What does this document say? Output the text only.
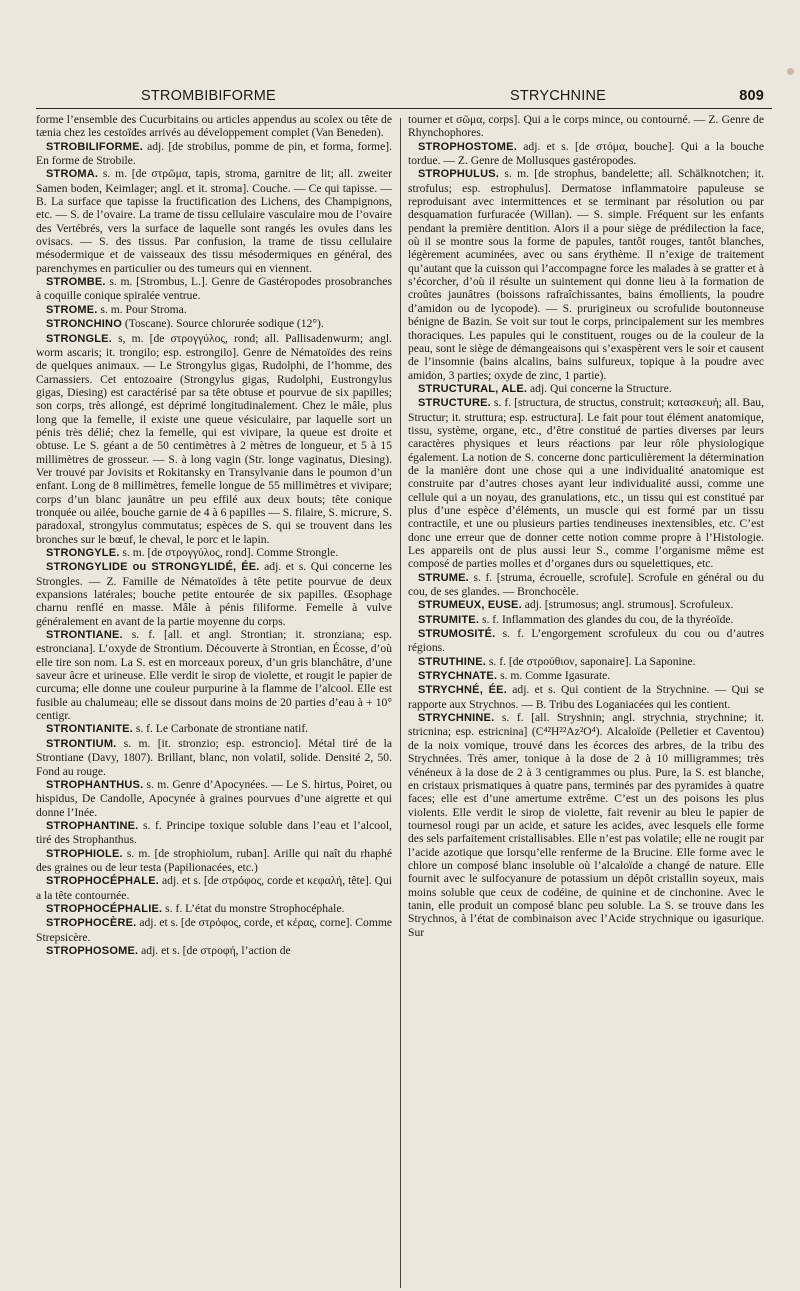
STROMBIBIFORME	STRYCHNINE	809

forme l’ensemble des Cucurbitains ou articles appendus au scolex ou tête de tænia chez les cestoïdes arrivés au développement complet (Van Beneden).

STROBILIFORME. adj. [de strobilus, pomme de pin, et forma, forme]. En forme de Strobile.

STROMA. s. m. [de στρῶμα, tapis, stroma, garnitre de lit; all. zweiter Samen boden, Keimlager; angl. et it. stroma]. Couche. — Ce qui tapisse. — B. La surface que tapisse la fructification des Lichens, des Champignons, etc. — S. de l’ovaire. La trame de tissu cellulaire vasculaire mou de l’ovaire des Vertébrés, vers la surface de laquelle sont rangés les ovules dans les ovisacs. — S. des tissus. Par confusion, la trame de tissu cellulaire mésodermique et de vaisseaux des tissu mésodermiques en général, des parenchymes en particulier ou des tumeurs qui en viennent.

STROMBE. s. m. [Strombus, L.]. Genre de Gastéropodes prosobranches à coquille conique spiralée ventrue.

STROME. s. m. Pour Stroma.

STRONCHINO (Toscane). Source chlorurée sodique (12°).

STRONGLE. s, m. [de στρογγύλος, rond; all. Pallisadenwurm; angl. worm ascaris; it. trongilo; esp. estrongilo]. Genre de Nématoïdes des reins de quelques animaux. — Le Strongylus gigas, Rudolphi, de l’homme, des Carnassiers. Cet entozoaire (Strongylus gigas, Rudolphi, Eustrongylus gigas, Diesing) est caractérisé par sa tête obtuse et pourvue de six papilles; son corps, très allongé, est déprimé longitudinalement. Chez le mâle, plus long que la femelle, il existe une queue vésiculaire, par laquelle sort un pénis très délié; chez la femelle, qui est vivipare, la queue est droite et obtuse. Le S. géant a de 50 centimètres à 2 mètres de longueur, et 5 à 15 millimètres de grosseur. — S. à long vagin (Str. longe vaginatus, Diesing). Ver trouvé par Jovisits et Rokitansky en Transylvanie dans le poumon d’un enfant. Long de 8 millimètres, femelle longue de 55 millimètres et vivipare; corps d’un blanc jaunâtre un peu effilé aux deux bouts; tête conique tronquée ou ailée, bouche garnie de 4 à 6 papilles — S. filaire, S. micrure, S. paradoxal, strongylus commutatus; espèces de S. qui se trouvent dans les bronches sur le bœuf, le cheval, le porc et le lapin.

STRONGYLE. s. m. [de στρογγύλος, rond]. Comme Strongle.

STRONGYLIDE ou STRONGYLIDÉ, ÉE. adj. et s. Qui concerne les Strongles. — Z. Famille de Nématoïdes à tête petite pourvue de deux expansions latérales; bouche petite entourée de six papilles. Œsophage charnu renflé en masse. Mâle à pénis filiforme. Femelle à vulve généralement en avant de la partie moyenne du corps.

STRONTIANE. s. f. [all. et angl. Strontian; it. stronziana; esp. estronciana]. L’oxyde de Strontium. Découverte à Strontian, en Écosse, d’où elle tire son nom. La S. est en morceaux poreux, d’un gris blanchâtre, d’une saveur âcre et urineuse. Elle verdit le sirop de violette, et rougit le papier de curcuma; elle donne une couleur purpurine à la flamme de l’alcool. Elle est fusible au chalumeau; elle se dissout dans moins de 20 parties d’eau à + 10° centigr.

STRONTIANITE. s. f. Le Carbonate de strontiane natif.

STRONTIUM. s. m. [it. stronzio; esp. estroncio]. Métal tiré de la Strontiane (Davy, 1807). Brillant, blanc, non volatil, solide. Densité 2, 50. Fond au rouge.

STROPHANTHUS. s. m. Genre d’Apocynées. — Le S. hirtus, Poiret, ou hispidus, De Candolle, Apocynée à graines pourvues d’une aigrette et qui donne l’Inée.

STROPHANTINE. s. f. Principe toxique soluble dans l’eau et l’alcool, tiré des Strophanthus.

STROPHIOLE. s. m. [de strophiolum, ruban]. Arille qui naît du rhaphé des graines ou de leur testa (Papilionacées, etc.)

STROPHOCÉPHALE. adj. et s. [de στρόφος, corde et κεφαλή, tête]. Qui a la tête contournée.

STROPHOCÉPHALIE. s. f. L’état du monstre Strophocéphale.

STROPHOCÈRE. adj. et s. [de στρόφος, corde, et κέρας, corne]. Comme Strepsicère.

STROPHOSOME. adj. et s. [de στροφή, l’action de

tourner et σῶμα, corps]. Qui a le corps mince, ou contourné. — Z. Genre de Rhynchophores.

STROPHOSTOME. adj. et s. [de στόμα, bouche]. Qui a la bouche tordue. — Z. Genre de Mollusques gastéropodes.

STROPHULUS. s. m. [de strophus, bandelette; all. Schälknotchen; it. strofulus; esp. estrophulus]. Dermatose inflammatoire papuleuse se reproduisant avec intermittences et se terminant par résolution ou par desquamation furfuracée (Willan). — S. simple. Fréquent sur les enfants pendant la première dentition. Alors il a pour siège de prédilection la face, où il se montre sous la forme de papules, tantôt rouges, tantôt blanches, légèrement acuminées, avec ou sans érythème. Il n’exige de traitement qu’autant que la cuisson qui l’accompagne force les malades à se gratter et à s’écorcher, d’où il résulte un suintement qui donne lieu à la formation de croûtes jaunâtres (boissons rafraîchissantes, bains émollients, la poudre d’amidon ou de lycopode). — S. prurigineux ou scrofulide boutonneuse bénigne de Bazin. Se voit sur tout le corps, principalement sur les membres thoraciques. Les papules qui le constituent, rouges ou de la couleur de la peau, sont le siège de démangeaisons qui s’exaspèrent vers le soir et causent de l’insomnie (bains alcalins, bains sulfureux, topique à la poudre avec amidon, 3 parties; oxyde de zinc, 1 partie).

STRUCTURAL, ALE. adj. Qui concerne la Structure.

STRUCTURE. s. f. [structura, de structus, construit; κατασκευή; all. Bau, Structur; it. struttura; esp. estructura]. Le fait pour tout élément anatomique, tissu, système, organe, etc., d’être constitué de parties diverses par leurs caractères physiques et leurs réactions par leur rôle physiologique également. La notion de S. concerne donc particulièrement la détermination de la manière dont une chose qui a une individualité anatomique est construite par d’autres choses ayant leur individualité aussi, comme une cellule qui a un noyau, des granulations, etc., un tissu qui est constitué par plus d’une espèce d’éléments, un muscle qui est formé par un tissu contractile, et une ou plusieurs parties tendineuses inextensibles, etc. C’est donc une erreur que de donner cette notion comme propre à l’Histologie. Les appareils ont de plus aussi leur S., comme l’organisme même est composé de parties molles et d’organes durs ou squelettiques, etc.

STRUME. s. f. [struma, écrouelle, scrofule]. Scrofule en général ou du cou, de ses glandes. — Bronchocèle.

STRUMEUX, EUSE. adj. [strumosus; angl. strumous]. Scrofuleux.

STRUMITE. s. f. Inflammation des glandes du cou, de la thyréoïde.

STRUMOSITÉ. s. f. L’engorgement scrofuleux du cou ou d’autres régions.

STRUTHINE. s. f. [de στρούθιον, saponaire]. La Saponine.

STRYCHNATE. s. m. Comme Igasurate.

STRYCHNÉ, ÉE. adj. et s. Qui contient de la Strychnine. — Qui se rapporte aux Strychnos. — B. Tribu des Loganiacées qui les contient.

STRYCHNINE. s. f. [all. Stryshnin; angl. strychnia, strychnine; it. stricnina; esp. estricnina] (C⁴²H²²Az²O⁴). Alcaloïde (Pelletier et Caventou) de la noix vomique, trouvé dans les écorces des arbres, de la tribu des Strychnées. Très amer, tonique à la dose de 2 à 10 milligrammes; très vénéneux à la dose de 2 à 3 centigrammes ou plus. Pure, la S. est blanche, en cristaux prismatiques à quatre pans, terminés par des pyramides à quatre faces; elle est d’une amertume extrême. C’est un des poisons les plus violents. Elle verdit le sirop de violette, fait revenir au bleu le papier de tournesol rougi par un acide, et sature les acides, avec lesquels elle forme des sels parfaitement cristallisables. Elle n’est pas volatile; elle ne rougit par l’acide azotique que lorsqu’elle renferme de la Brucine. Elle forme avec le chlore un composé blanc insoluble où l’alcaloïde a changé de nature. Elle fournit avec le sulfocyanure de potassium un dépôt cristallin soyeux, mais moins soluble que ceux de codéine, de quinine et de cinchonine. Avec le tanin, elle produit un composé blanc peu soluble. La S. se trouve dans les Strychnos, à l’état de combinaison avec l’Acide strychnique ou igasurique. Sur
